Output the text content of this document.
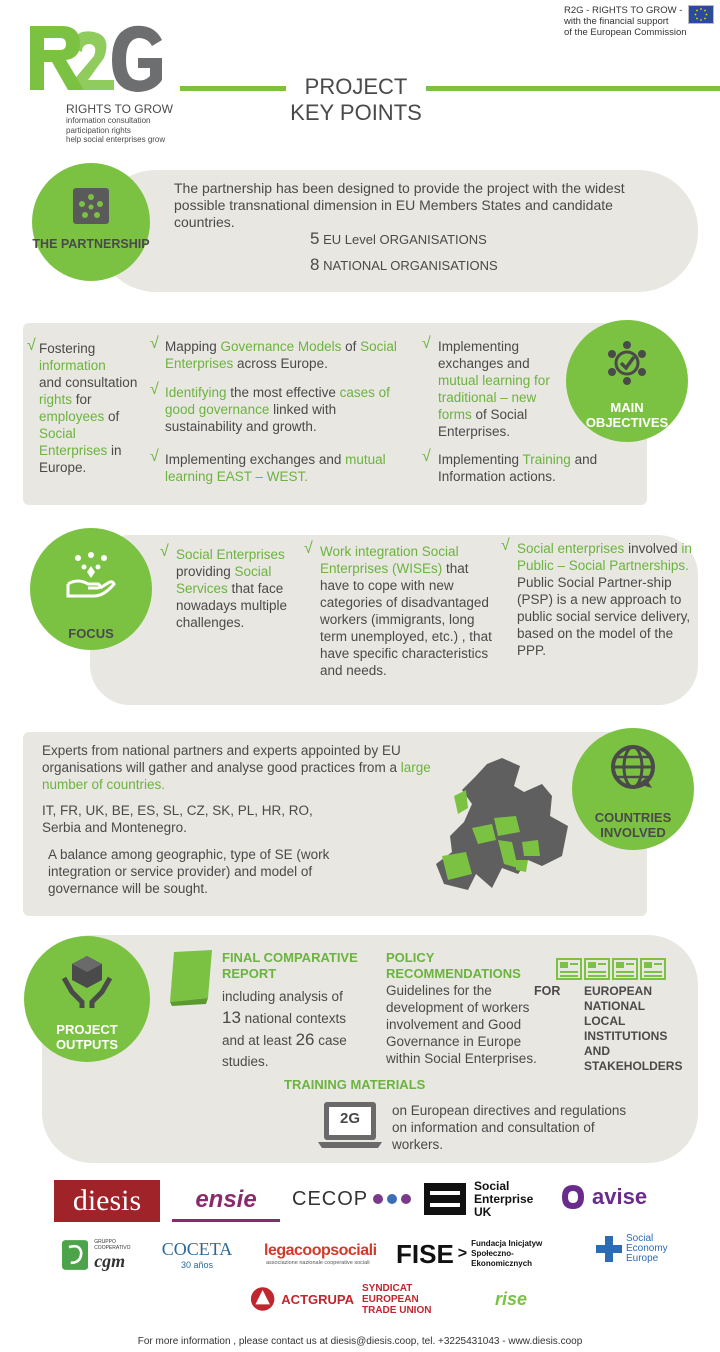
RIGHTS TO GROW
information consultation
participation rights
help social enterprises grow
R2G - RIGHTS TO GROW -
with the financial support
of the European Commission
PROJECT
KEY POINTS
THE PARTNERSHIP
The partnership has been designed to provide the project with the widest possible transnational dimension in EU Members States and candidate countries.
5 EU Level ORGANISATIONS
8 NATIONAL ORGANISATIONS
MAIN
OBJECTIVES
√ Fostering
information
and consultation
rights for
employees of
Social
Enterprises in
Europe.
√ Mapping Governance Models of Social Enterprises across Europe.
√ Identifying the most effective cases of good governance linked with sustainability and growth.
√ Implementing exchanges and mutual learning EAST – WEST.
√ Implementing exchanges and mutual learning for traditional – new forms of Social Enterprises.
√ Implementing Training and Information actions.
FOCUS
√ Social Enterprises providing Social Services that face nowadays multiple challenges.
√ Work integration Social Enterprises (WISEs) that have to cope with new categories of disadvantaged workers (immigrants, long term unemployed, etc.) , that have specific characteristics and needs.
√ Social enterprises involved in Public – Social Partnerships. Public Social Partner-ship (PSP) is a new approach to public social service delivery, based on the model of the PPP.
COUNTRIES
INVOLVED
Experts from national partners and experts appointed by EU organisations will gather and analyse good practices from a large number of countries.
IT, FR, UK, BE, ES, SL, CZ, SK, PL, HR, RO, Serbia and Montenegro.
A balance among geographic, type of SE (work integration or service provider) and model of governance will be sought.
PROJECT
OUTPUTS
FINAL COMPARATIVE REPORT
including analysis of
13 national contexts and at least 26 case studies.
POLICY RECOMMENDATIONS
Guidelines for the development of workers involvement and Good Governance in Europe within Social Enterprises.
FOR EUROPEAN NATIONAL LOCAL INSTITUTIONS AND STAKEHOLDERS
TRAINING MATERIALS
2G on European directives and regulations on information and consultation of workers.
diesis	ensie	CECOP
Social Enterprise UK
avise
GRUPPO COOPERATIVO
cgm
COCETA
30 años
legacoopsociali
associazione nazionale cooperative sociali FISE >
Fundacja Inicjatyw Społeczno-Ekonomicznych
Social Economy Europe
ACTGRUPA
SYNDICAT EUROPEAN TRADE UNION
rise
For more information , please contact us at diesis@diesis.coop, tel. +3225431043 - www.diesis.coop
